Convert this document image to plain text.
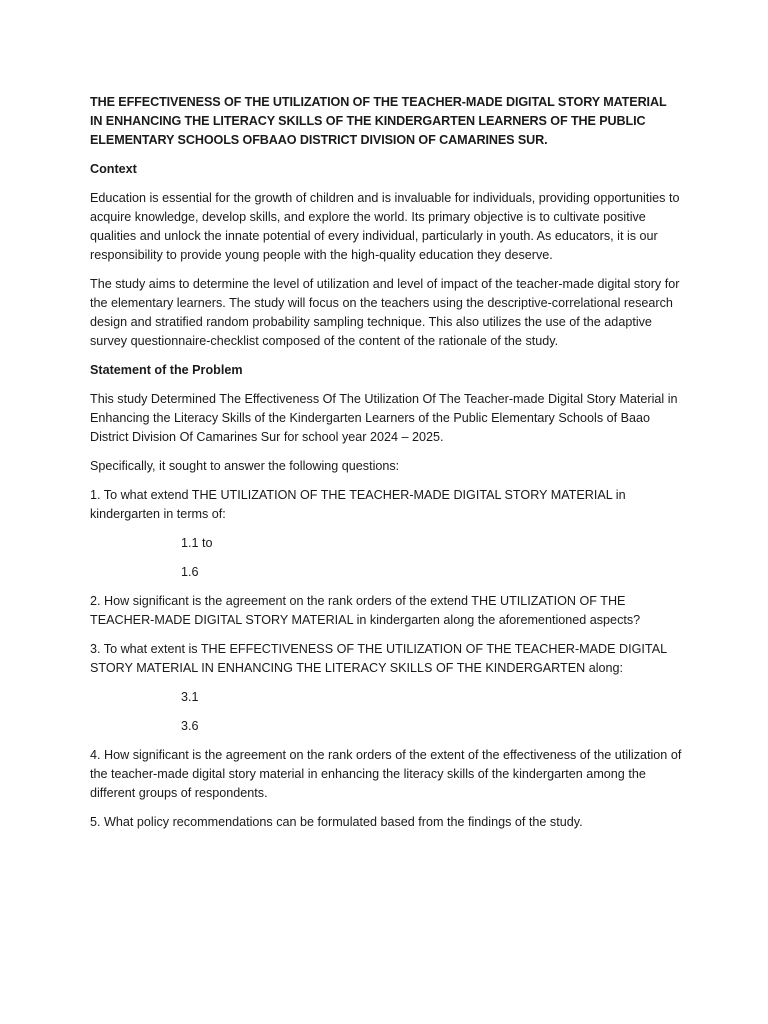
THE EFFECTIVENESS OF THE UTILIZATION OF THE TEACHER-MADE DIGITAL STORY MATERIAL IN ENHANCING THE LITERACY SKILLS OF THE KINDERGARTEN LEARNERS OF THE PUBLIC ELEMENTARY SCHOOLS OFBAAO DISTRICT DIVISION OF CAMARINES SUR.

Context

Education is essential for the growth of children and is invaluable for individuals, providing opportunities to acquire knowledge, develop skills, and explore the world. Its primary objective is to cultivate positive qualities and unlock the innate potential of every individual, particularly in youth. As educators, it is our responsibility to provide young people with the high-quality education they deserve.

The study aims to determine the level of utilization and level of impact of the teacher-made digital story for the elementary learners. The study will focus on the teachers using the descriptive-correlational research design and stratified random probability sampling technique. This also utilizes the use of the adaptive survey questionnaire-checklist composed of the content of the rationale of the study.

Statement of the Problem

This study Determined The Effectiveness Of The Utilization Of The Teacher-made Digital Story Material in Enhancing the Literacy Skills of the Kindergarten Learners of the Public Elementary Schools of Baao District Division Of Camarines Sur for school year 2024 – 2025.

Specifically, it sought to answer the following questions:

1. To what extend THE UTILIZATION OF THE TEACHER-MADE DIGITAL STORY MATERIAL in kindergarten in terms of:

1.1 to

1.6

2. How significant is the agreement on the rank orders of the extend THE UTILIZATION OF THE TEACHER-MADE DIGITAL STORY MATERIAL in kindergarten along the aforementioned aspects?

3. To what extent is THE EFFECTIVENESS OF THE UTILIZATION OF THE TEACHER-MADE DIGITAL STORY MATERIAL IN ENHANCING THE LITERACY SKILLS OF THE KINDERGARTEN along:

3.1

3.6

4. How significant is the agreement on the rank orders of the extent of the effectiveness of the utilization of the teacher-made digital story material in enhancing the literacy skills of the kindergarten among the different groups of respondents.

5. What policy recommendations can be formulated based from the findings of the study.
